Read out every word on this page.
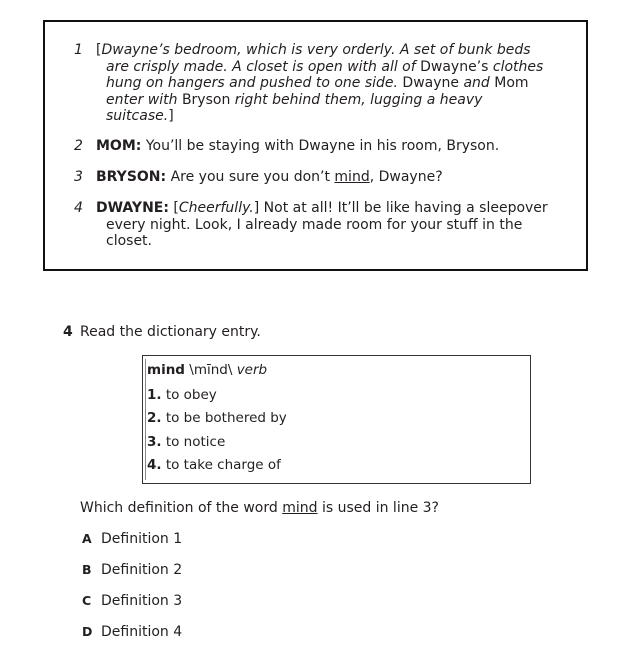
1 [Dwayne’s bedroom, which is very orderly. A set of bunk beds are crisply made. A closet is open with all of Dwayne’s clothes hung on hangers and pushed to one side. Dwayne and Mom enter with Bryson right behind them, lugging a heavy suitcase.]
2 MOM: You’ll be staying with Dwayne in his room, Bryson.
3 BRYSON: Are you sure you don’t mind, Dwayne?
4 DWAYNE: [Cheerfully.] Not at all! It’ll be like having a sleepover every night. Look, I already made room for your stuff in the closet.
4 Read the dictionary entry.
mind \mīnd\ verb
1. to obey
2. to be bothered by
3. to notice
4. to take charge of
Which definition of the word mind is used in line 3?
A Definition 1
B Definition 2
C Definition 3
D Definition 4
